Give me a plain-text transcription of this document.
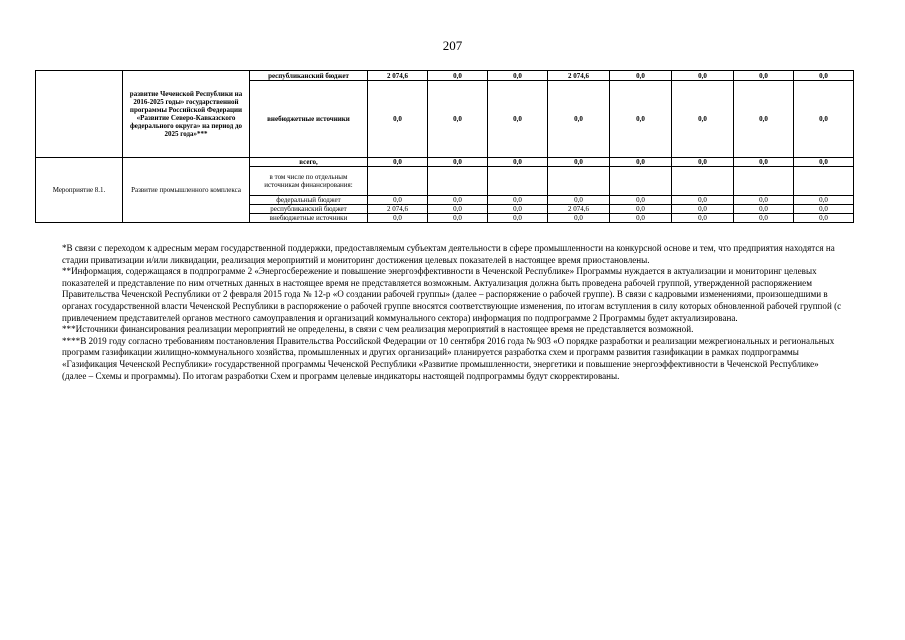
207
	развитие Чеченской Республики на 2016-2025 годы» государственной программы Российской Федерации «Развитие Северо-Кавказского федерального округа» на период до 2025 года»***	республиканский бюджет	2 074,6	0,0	0,0	2 074,6	0,0	0,0	0,0	0,0
		внебюджетные источники	0,0	0,0	0,0	0,0	0,0	0,0	0,0	0,0
Мероприятие 8.1.	Развитие промышленного комплекса	всего,	0,0	0,0	0,0	0,0	0,0	0,0	0,0	0,0
		в том числе по отдельным источникам финансирования:								
		федеральный бюджет	0,0	0,0	0,0	0,0	0,0	0,0	0,0	0,0
		республиканский бюджет	2 074,6	0,0	0,0	2 074,6	0,0	0,0	0,0	0,0
		внебюджетные источники	0,0	0,0	0,0	0,0	0,0	0,0	0,0	0,0

*В связи с переходом к адресным мерам государственной поддержки, предоставляемым субъектам деятельности в сфере промышленности на конкурсной основе и тем, что предприятия находятся на стадии приватизации и/или ликвидации, реализация мероприятий и мониторинг достижения целевых показателей в настоящее время приостановлены.

**Информация, содержащаяся в подпрограмме 2 «Энергосбережение и повышение энергоэффективности в Чеченской Республике» Программы нуждается в актуализации и мониторинг целевых показателей и представление по ним отчетных данных в настоящее время не представляется возможным. Актуализация должна быть проведена рабочей группой, утвержденной распоряжением Правительства Чеченской Республики от 2 февраля 2015 года № 12-р «О создании рабочей группы» (далее – распоряжение о рабочей группе). В связи с кадровыми изменениями, произошедшими в органах государственной власти Чеченской Республики в распоряжение о рабочей группе вносятся соответствующие изменения, по итогам вступления в силу которых обновленной рабочей группой (с привлечением представителей органов местного самоуправления и организаций коммунального сектора) информация по подпрограмме 2 Программы будет актуализирована.

***Источники финансирования реализации мероприятий не определены, в связи с чем реализация мероприятий в настоящее время не представляется возможной.

****В 2019 году согласно требованиям постановления Правительства Российской Федерации от 10 сентября 2016 года № 903 «О порядке разработки и реализации межрегиональных и региональных программ газификации жилищно-коммунального хозяйства, промышленных и других организаций» планируется разработка схем и программ развития газификации в рамках подпрограммы «Газификация Чеченской Республики» государственной программы Чеченской Республики «Развитие промышленности, энергетики и повышение энергоэффективности в Чеченской Республике» (далее – Схемы и программы). По итогам разработки Схем и программ целевые индикаторы настоящей подпрограммы будут скорректированы.
